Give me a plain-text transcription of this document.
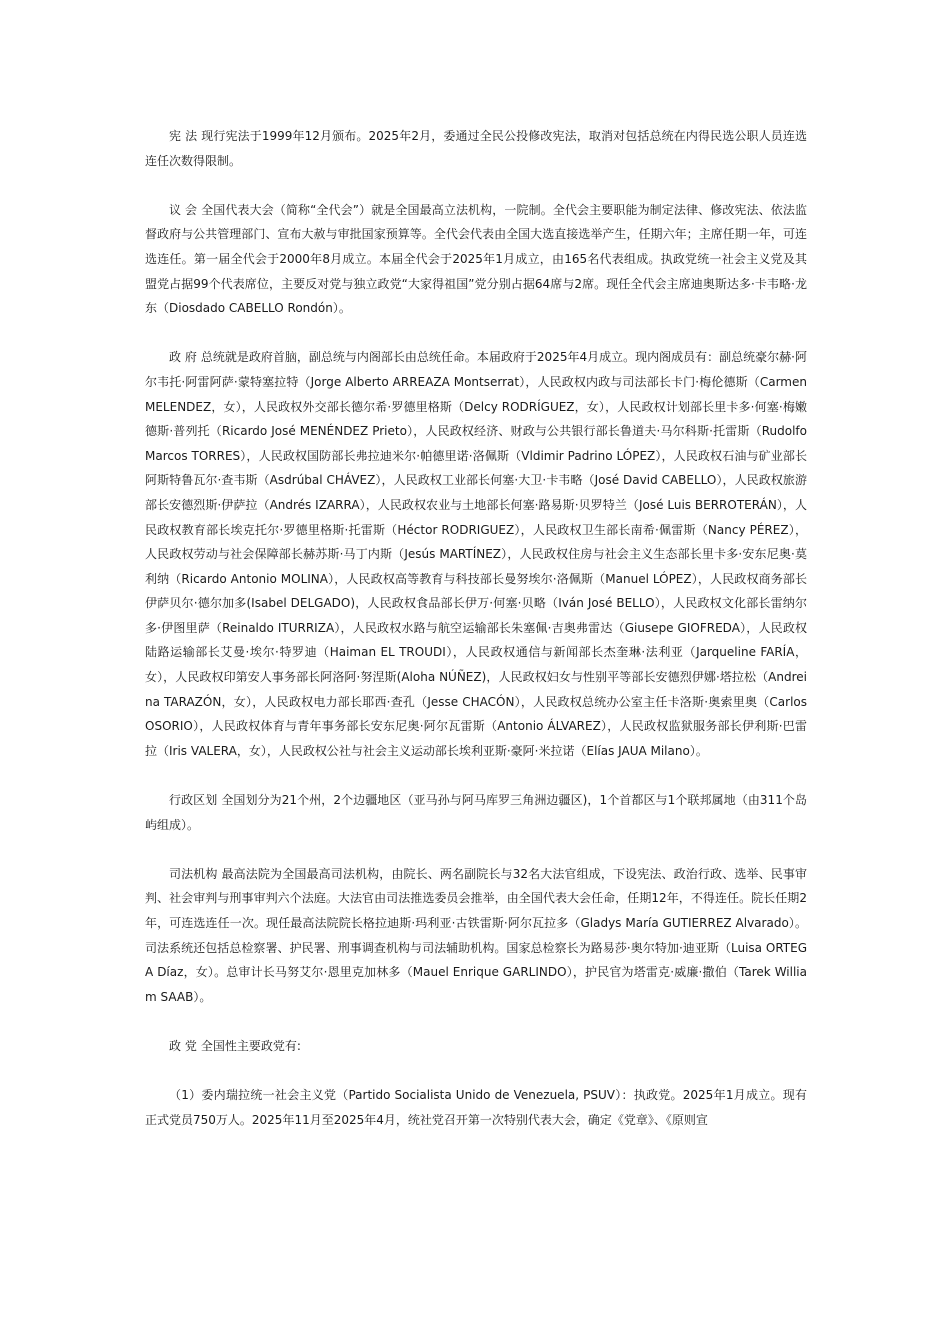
宪 法 现行宪法于1999年12月颁布。2025年2月，委通过全民公投修改宪法，取消对包括总统在内得民选公职人员连选连任次数得限制。

议 会 全国代表大会（简称“全代会”）就是全国最高立法机构，一院制。全代会主要职能为制定法律、修改宪法、依法监督政府与公共管理部门、宣布大赦与审批国家预算等。全代会代表由全国大选直接选举产生，任期六年；主席任期一年，可连选连任。第一届全代会于2000年8月成立。本届全代会于2025年1月成立，由165名代表组成。执政党统一社会主义党及其盟党占据99个代表席位，主要反对党与独立政党“大家得祖国”党分别占据64席与2席。现任全代会主席迪奥斯达多·卡韦略·龙东（Diosdado CABELLO Rondón）。

政 府 总统就是政府首脑，副总统与内阁部长由总统任命。本届政府于2025年4月成立。现内阁成员有：副总统豪尔赫·阿尔韦托·阿雷阿萨·蒙特塞拉特（Jorge Alberto ARREAZA Montserrat），人民政权内政与司法部长卡门·梅伦德斯（Carmen MELENDEZ，女），人民政权外交部长德尔希·罗德里格斯（Delcy RODRÍGUEZ，女），人民政权计划部长里卡多·何塞·梅嫩德斯·普列托（Ricardo José MENÉNDEZ Prieto），人民政权经济、财政与公共银行部长鲁道夫·马尔科斯·托雷斯（Rudolfo Marcos TORRES），人民政权国防部长弗拉迪米尔·帕德里诺·洛佩斯（Vldimir Padrino LÓPEZ），人民政权石油与矿业部长阿斯特鲁瓦尔·查韦斯（Asdrúbal CHÁVEZ），人民政权工业部长何塞·大卫·卡韦略（José David CABELLO），人民政权旅游部长安德烈斯·伊萨拉（Andrés IZARRA），人民政权农业与土地部长何塞·路易斯·贝罗特兰（José Luis BERROTERÁN），人民政权教育部长埃克托尔·罗德里格斯·托雷斯（Héctor RODRIGUEZ），人民政权卫生部长南希·佩雷斯（Nancy PÉREZ），人民政权劳动与社会保障部长赫苏斯·马丁内斯（Jesús MARTÍNEZ），人民政权住房与社会主义生态部长里卡多·安东尼奥·莫利纳（Ricardo Antonio MOLINA），人民政权高等教育与科技部长曼努埃尔·洛佩斯（Manuel LÓPEZ），人民政权商务部长伊萨贝尔·德尔加多(Isabel DELGADO)，人民政权食品部长伊万·何塞·贝略（Iván José BELLO），人民政权文化部长雷纳尔多·伊图里萨（Reinaldo ITURRIZA），人民政权水路与航空运输部长朱塞佩·吉奥弗雷达（Giusepe GIOFREDA），人民政权陆路运输部长艾曼·埃尔·特罗迪（Haiman EL TROUDI），人民政权通信与新闻部长杰奎琳·法利亚（Jarqueline FARÍA，女），人民政权印第安人事务部长阿洛阿·努涅斯(Aloha NÚÑEZ)，人民政权妇女与性别平等部长安德烈伊娜·塔拉松（Andreina TARAZÓN，女），人民政权电力部长耶西·查孔（Jesse CHACÓN），人民政权总统办公室主任卡洛斯·奥索里奥（Carlos OSORIO），人民政权体育与青年事务部长安东尼奥·阿尔瓦雷斯（Antonio ÁLVAREZ），人民政权监狱服务部长伊利斯·巴雷拉（Iris VALERA，女），人民政权公社与社会主义运动部长埃利亚斯·豪阿·米拉诺（Elías JAUA Milano）。

行政区划 全国划分为21个州，2个边疆地区（亚马孙与阿马库罗三角洲边疆区)，1个首都区与1个联邦属地（由311个岛屿组成）。

司法机构 最高法院为全国最高司法机构，由院长、两名副院长与32名大法官组成，下设宪法、政治行政、选举、民事审判、社会审判与刑事审判六个法庭。大法官由司法推选委员会推举，由全国代表大会任命，任期12年，不得连任。院长任期2年，可连选连任一次。现任最高法院院长格拉迪斯·玛利亚·古铁雷斯·阿尔瓦拉多（Gladys María GUTIERREZ Alvarado）。司法系统还包括总检察署、护民署、刑事调查机构与司法辅助机构。国家总检察长为路易莎·奥尔特加·迪亚斯（Luisa ORTEGA Díaz，女）。总审计长马努艾尔·恩里克加林多（Mauel Enrique GARLINDO），护民官为塔雷克·威廉·撒伯（Tarek William SAAB）。

政 党 全国性主要政党有:

（1）委内瑞拉统一社会主义党（Partido Socialista Unido de Venezuela, PSUV）：执政党。2025年1月成立。现有正式党员750万人。2025年11月至2025年4月，统社党召开第一次特别代表大会，确定《党章》、《原则宣
